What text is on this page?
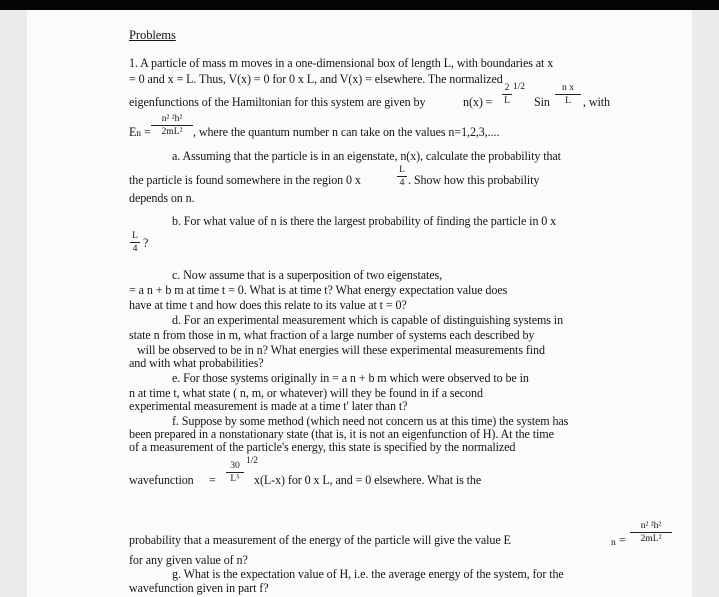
Problems
1. A particle of mass m moves in a one-dimensional box of length L, with boundaries at x
= 0 and x = L. Thus, V(x) = 0 for 0 x L, and V(x) = elsewhere. The normalized
eigenfunctions of the Hamiltonian for this system are given by	$n(x) = \frac{2}{L} 1/2$
Sin $\frac{\text{n x}}{L}$ , with
$En = \frac{\text{n² ²h²}}{\text{2mL²}}$ , where the quantum number n can take on the values n=1,2,3,....
a. Assuming that the particle is in an eigenstate, n(x), calculate the probability that
the particle is found somewhere in the region 0 x	$\frac{L}{4}$ . Show how this probability
depends on n.
b. For what value of n is there the largest probability of finding the particle in 0 x
$\frac{L}{4}$ ?
c. Now assume that is a superposition of two eigenstates,
= a n + b m at time t = 0. What is at time t? What energy expectation value does
have at time t and how does this relate to its value at t = 0?
d. For an experimental measurement which is capable of distinguishing systems in
state n from those in m, what fraction of a large number of systems each described by
will be observed to be in n? What energies will these experimental measurements find
and with what probabilities?
e. For those systems originally in = a n + b m which were observed to be in
n at time t, what state ( n, m, or whatever) will they be found in if a second
experimental measurement is made at a time t' later than t?
f. Suppose by some method (which need not concern us at this time) the system has
been prepared in a nonstationary state (that is, it is not an eigenfunction of H). At the time
of a measurement of the particle's energy, this state is specified by the normalized
wavefunction = $\frac{30}{\text{L⁵}}$
1/2
x(L-x) for 0 x L, and = 0 elsewhere. What is the
probability that a measurement of the energy of the particle will give the value E	$n = \frac{\text{n² ²h²}}{\text{2mL²}}$
for any given value of n?
g. What is the expectation value of H, i.e. the average energy of the system, for the
wavefunction given in part f?
